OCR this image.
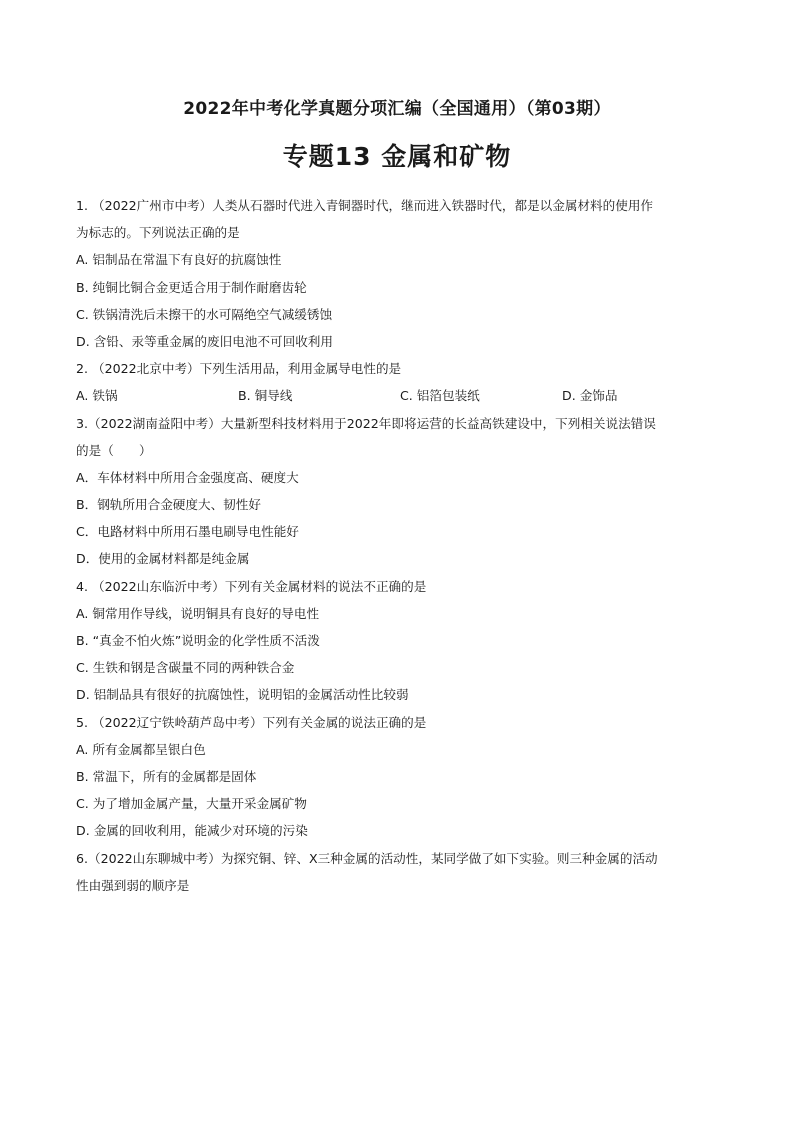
2022年中考化学真题分项汇编（全国通用）（第03期）
专题13 金属和矿物
1. （2022广州市中考）人类从石器时代进入青铜器时代，继而进入铁器时代，都是以金属材料的使用作
为标志的。下列说法正确的是
A. 铝制品在常温下有良好的抗腐蚀性
B. 纯铜比铜合金更适合用于制作耐磨齿轮
C. 铁锅清洗后未擦干的水可隔绝空气减缓锈蚀
D. 含铅、汞等重金属的废旧电池不可回收利用
2. （2022北京中考）下列生活用品，利用金属导电性的是
A. 铁锅	B. 铜导线	C. 铝箔包装纸	D. 金饰品
3.（2022湖南益阳中考）大量新型科技材料用于2022年即将运营的长益高铁建设中，下列相关说法错误
的是（　　）
A．车体材料中所用合金强度高、硬度大
B．钢轨所用合金硬度大、韧性好
C．电路材料中所用石墨电刷导电性能好
D．使用的金属材料都是纯金属
4. （2022山东临沂中考）下列有关金属材料的说法不正确的是
A. 铜常用作导线，说明铜具有良好的导电性
B. “真金不怕火炼”说明金的化学性质不活泼
C. 生铁和钢是含碳量不同的两种铁合金
D. 铝制品具有很好的抗腐蚀性，说明铝的金属活动性比较弱
5. （2022辽宁铁岭葫芦岛中考）下列有关金属的说法正确的是
A. 所有金属都呈银白色
B. 常温下，所有的金属都是固体
C. 为了增加金属产量，大量开采金属矿物
D. 金属的回收利用，能减少对环境的污染
6.（2022山东聊城中考）为探究铜、锌、X三种金属的活动性，某同学做了如下实验。则三种金属的活动
性由强到弱的顺序是
